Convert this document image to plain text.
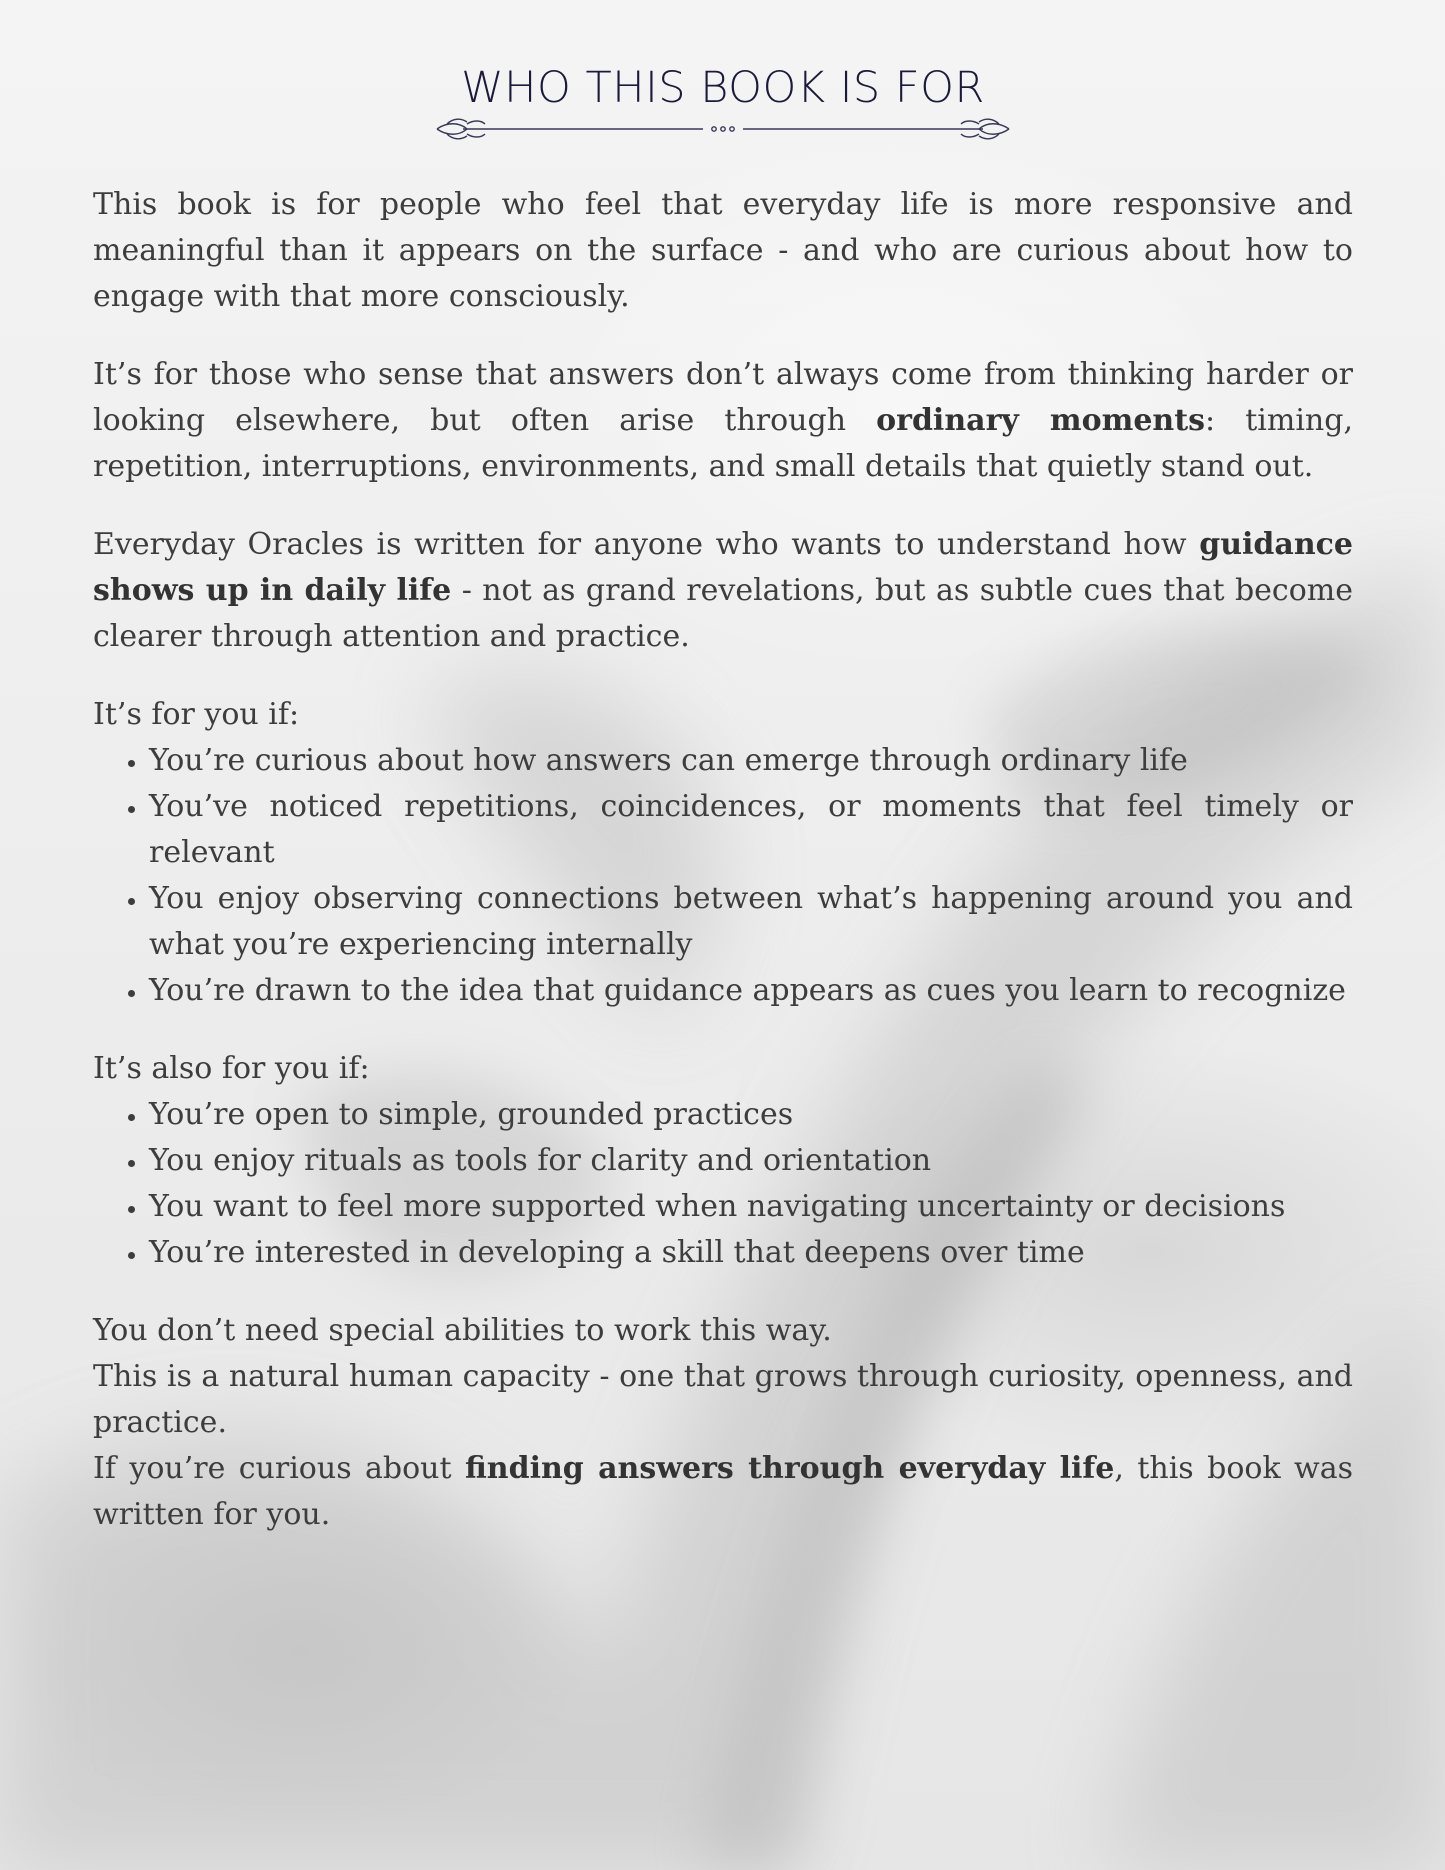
WHO THIS BOOK IS FOR

This book is for people who feel that everyday life is more responsive and meaningful than it appears on the surface - and who are curious about how to engage with that more consciously.

It’s for those who sense that answers don’t always come from thinking harder or looking elsewhere, but often arise through ordinary moments: timing, repetition, interruptions, environments, and small details that quietly stand out.

Everyday Oracles is written for anyone who wants to understand how guidance shows up in daily life - not as grand revelations, but as subtle cues that become clearer through attention and practice.

It’s for you if:
• You’re curious about how answers can emerge through ordinary life
• You’ve noticed repetitions, coincidences, or moments that feel timely or relevant
• You enjoy observing connections between what’s happening around you and what you’re experiencing internally
• You’re drawn to the idea that guidance appears as cues you learn to recognize
It’s also for you if:
• You’re open to simple, grounded practices
• You enjoy rituals as tools for clarity and orientation
• You want to feel more supported when navigating uncertainty or decisions
• You’re interested in developing a skill that deepens over time

You don’t need special abilities to work this way.

This is a natural human capacity - one that grows through curiosity, openness, and practice.

If you’re curious about finding answers through everyday life, this book was written for you.
